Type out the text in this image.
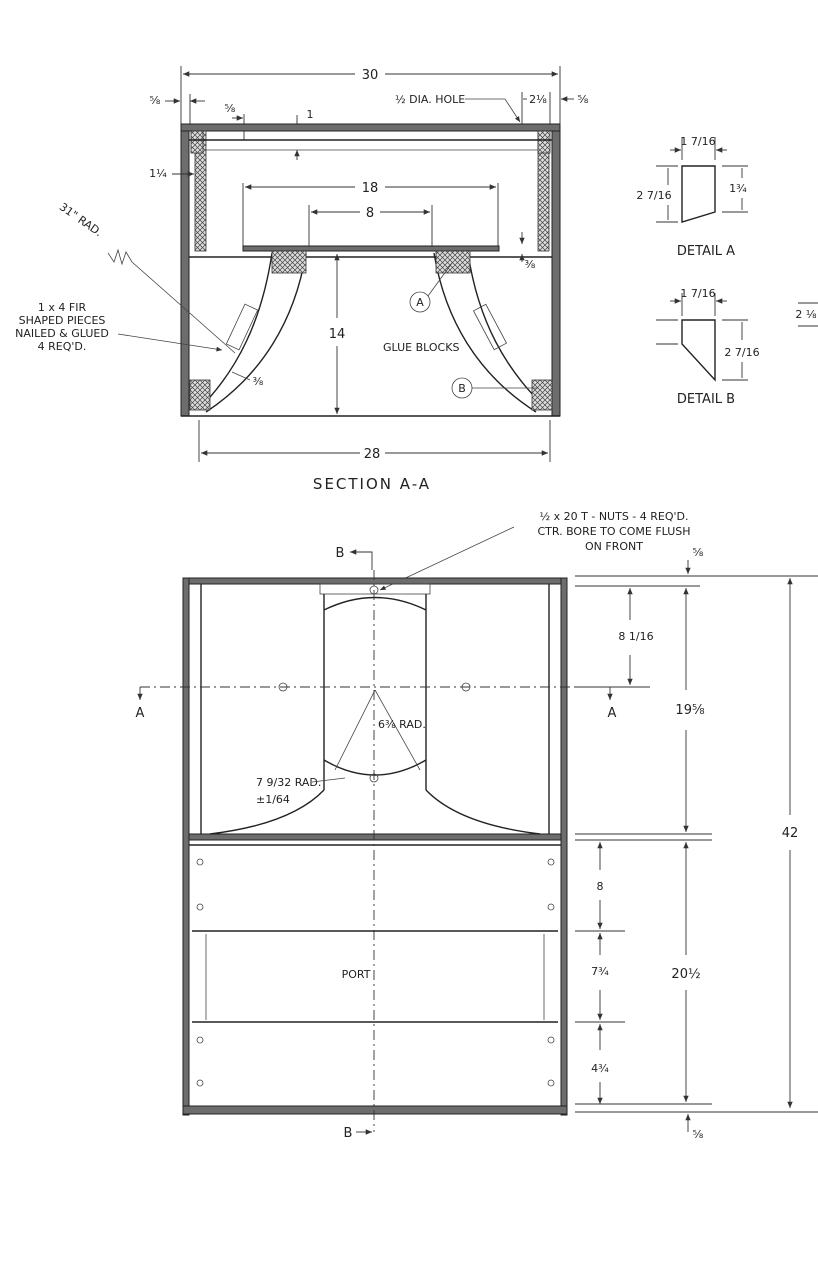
30
⅝
⅝	1
½ DIA. HOLE	2⅛	⅝
1¼
18
8
⅜
31" RAD.
1 x 4 FIR
SHAPED PIECES
NAILED & GLUED
4 REQ'D.
⅜
14
A
GLUE BLOCKS
B
28
SECTION A-A
1 7/16
2 7/16
1¾
DETAIL A
1 7/16
2 7/16
2 ⅛
DETAIL B
½ x 20 T - NUTS - 4 REQ'D.
CTR. BORE TO COME FLUSH
ON FRONT
B
A	A
6⅜ RAD.
7 9/32 RAD.
±1/64
PORT
B
⅝
8 1/16
19⅝
42
8
7¾
4¾
20½
⅝
